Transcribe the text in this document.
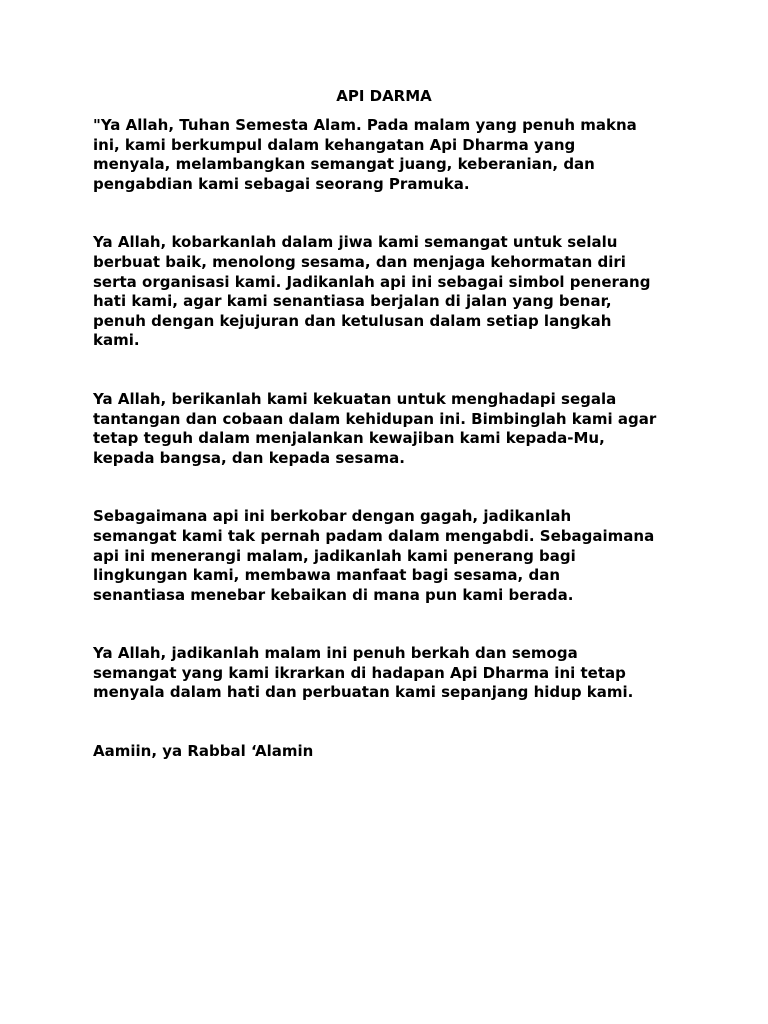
API DARMA
"Ya Allah, Tuhan Semesta Alam. Pada malam yang penuh makna
ini, kami berkumpul dalam kehangatan Api Dharma yang
menyala, melambangkan semangat juang, keberanian, dan
pengabdian kami sebagai seorang Pramuka.
Ya Allah, kobarkanlah dalam jiwa kami semangat untuk selalu
berbuat baik, menolong sesama, dan menjaga kehormatan diri
serta organisasi kami. Jadikanlah api ini sebagai simbol penerang
hati kami, agar kami senantiasa berjalan di jalan yang benar,
penuh dengan kejujuran dan ketulusan dalam setiap langkah
kami.
Ya Allah, berikanlah kami kekuatan untuk menghadapi segala
tantangan dan cobaan dalam kehidupan ini. Bimbinglah kami agar
tetap teguh dalam menjalankan kewajiban kami kepada-Mu,
kepada bangsa, dan kepada sesama.
Sebagaimana api ini berkobar dengan gagah, jadikanlah
semangat kami tak pernah padam dalam mengabdi. Sebagaimana
api ini menerangi malam, jadikanlah kami penerang bagi
lingkungan kami, membawa manfaat bagi sesama, dan
senantiasa menebar kebaikan di mana pun kami berada.
Ya Allah, jadikanlah malam ini penuh berkah dan semoga
semangat yang kami ikrarkan di hadapan Api Dharma ini tetap
menyala dalam hati dan perbuatan kami sepanjang hidup kami.
Aamiin, ya Rabbal ‘Alamin
